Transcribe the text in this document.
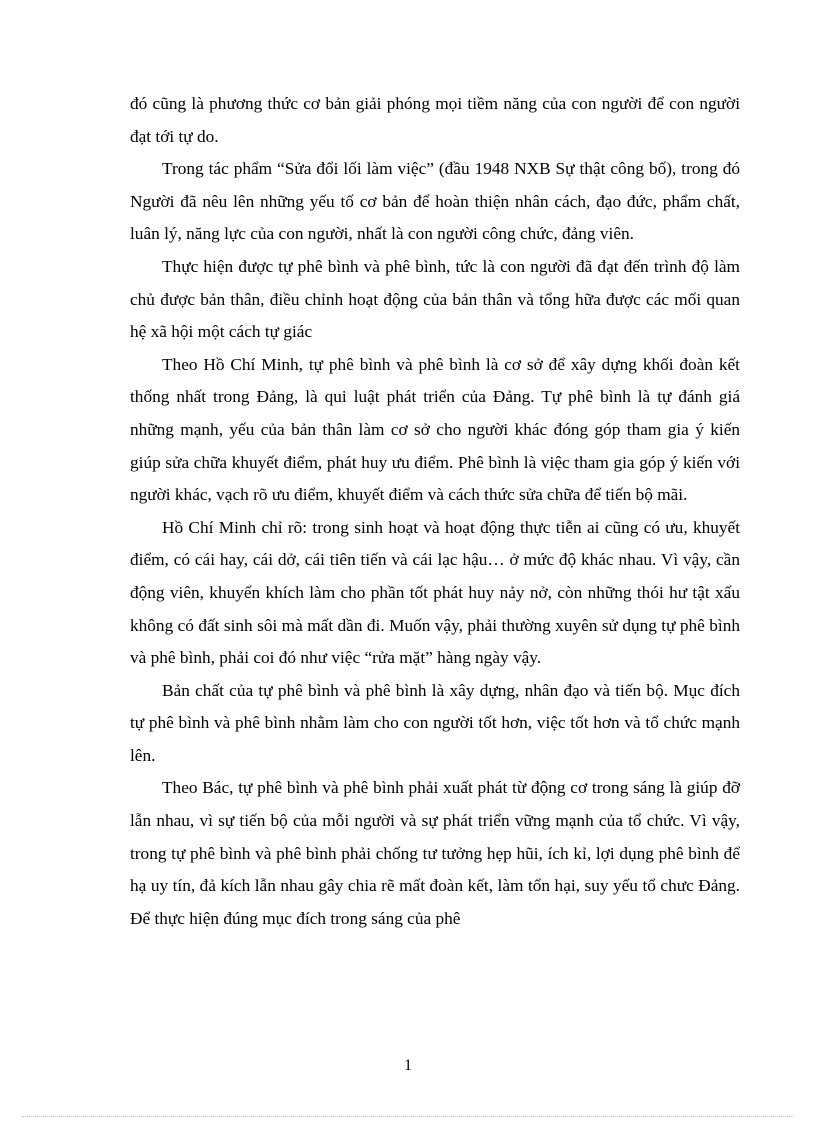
đó cũng là phương thức cơ bản giải phóng mọi tiềm năng của con người để con người đạt tới tự do.

Trong tác phẩm “Sửa đổi lối làm việc” (đầu 1948 NXB Sự thật công bố), trong đó Người đã nêu lên những yếu tố cơ bản để hoàn thiện nhân cách, đạo đức, phẩm chất, luân lý, năng lực của con người, nhất là con người công chức, đảng viên.

Thực hiện được tự phê bình và phê bình, tức là con người đã đạt đến trình độ làm chủ được bản thân, điều chỉnh hoạt động của bản thân và tổng hữa được các mối quan hệ xã hội một cách tự giác

Theo Hồ Chí Minh, tự phê bình và phê bình là cơ sở để xây dựng khối đoàn kết thống nhất trong Đảng, là qui luật phát triển của Đảng. Tự phê bình là tự đánh giá những mạnh, yếu của bản thân làm cơ sở cho người khác đóng góp tham gia ý kiến giúp sửa chữa khuyết điểm, phát huy ưu điểm. Phê bình là việc tham gia góp ý kiến với người khác, vạch rõ ưu điểm, khuyết điểm và cách thức sửa chữa để tiến bộ mãi.

Hồ Chí Minh chỉ rõ: trong sinh hoạt và hoạt động thực tiễn ai cũng có ưu, khuyết điểm, có cái hay, cái dở, cái tiên tiến và cái lạc hậu… ở mức độ khác nhau. Vì vậy, cần động viên, khuyến khích làm cho phần tốt phát huy nảy nở, còn những thói hư tật xấu không có đất sinh sôi mà mất dần đi. Muốn vậy, phải thường xuyên sử dụng tự phê bình và phê bình, phải coi đó như việc “rửa mặt” hàng ngày vậy.

Bản chất của tự phê bình và phê bình là xây dựng, nhân đạo và tiến bộ. Mục đích tự phê bình và phê bình nhằm làm cho con người tốt hơn, việc tốt hơn và tổ chức mạnh lên.

Theo Bác, tự phê bình và phê bình phải xuất phát từ động cơ trong sáng là giúp đỡ lẫn nhau, vì sự tiến bộ của mỗi người và sự phát triển vững mạnh của tổ chức. Vì vậy, trong tự phê bình và phê bình phải chống tư tưởng hẹp hũi, ích kỉ, lợi dụng phê bình để hạ uy tín, đả kích lẫn nhau gây chia rẽ mất đoàn kết, làm tổn hại, suy yếu tổ chưc Đảng. Để thực hiện đúng mục đích trong sáng của phê

1
